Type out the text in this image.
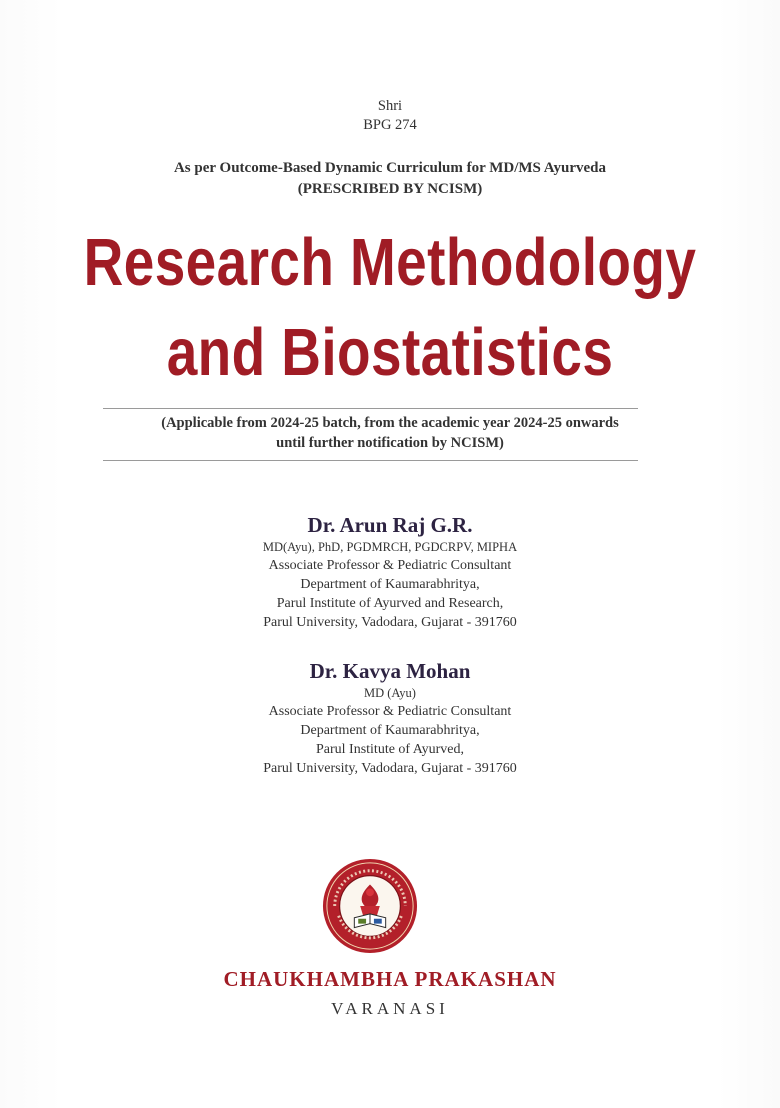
Shri
BPG 274
As per Outcome-Based Dynamic Curriculum for MD/MS Ayurveda
(PRESCRIBED BY NCISM)
Research Methodology
and Biostatistics
(Applicable from 2024-25 batch, from the academic year 2024-25 onwards
until further notification by NCISM)
Dr. Arun Raj G.R.
MD(Ayu), PhD, PGDMRCH, PGDCRPV, MIPHA
Associate Professor & Pediatric Consultant
Department of Kaumarabhritya,
Parul Institute of Ayurved and Research,
Parul University, Vadodara, Gujarat - 391760
Dr. Kavya Mohan
MD (Ayu)
Associate Professor & Pediatric Consultant
Department of Kaumarabhritya,
Parul Institute of Ayurved,
Parul University, Vadodara, Gujarat - 391760
CHAUKHAMBHA PRAKASHAN
VARANASI
